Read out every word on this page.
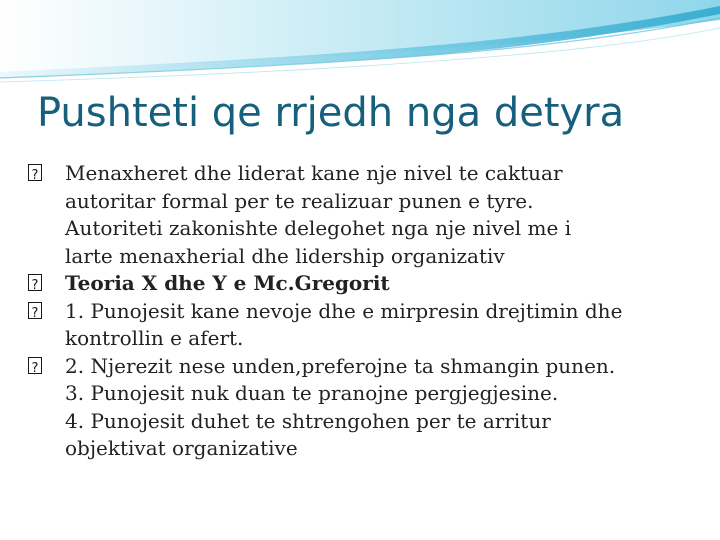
Pushteti qe rrjedh nga detyra
?
Menaxheret dhe liderat kane nje nivel te caktuar
autoritar formal per te realizuar punen e tyre.
Autoriteti zakonishte delegohet nga nje nivel me i
larte menaxherial dhe lidership organizativ
?
Teoria X dhe Y e Mc.Gregorit
?
1. Punojesit kane nevoje dhe e mirpresin drejtimin dhe
kontrollin e afert.
?
2. Njerezit nese unden,preferojne ta shmangin punen.
3. Punojesit nuk duan te pranojne pergjegjesine.
4. Punojesit duhet te shtrengohen per te arritur
objektivat organizative
